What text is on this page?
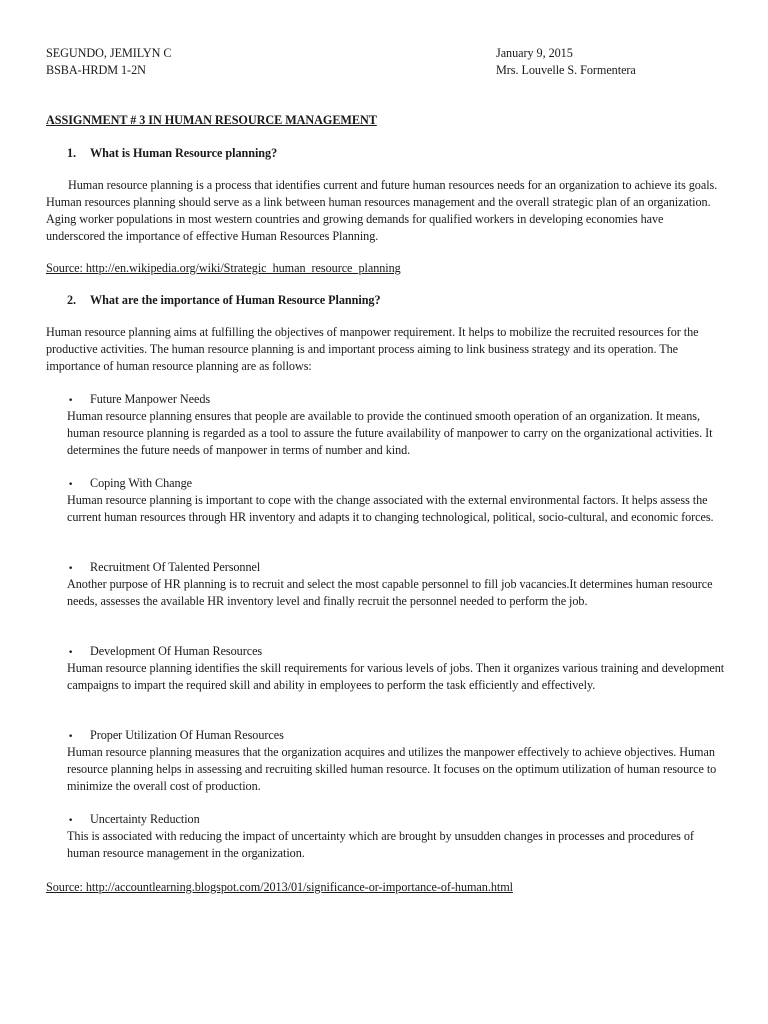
SEGUNDO, JEMILYN C
BSBA-HRDM 1-2N
January 9, 2015
Mrs. Louvelle S. Formentera
ASSIGNMENT # 3 IN HUMAN RESOURCE MANAGEMENT
1. What is Human Resource planning?
Human resource planning is a process that identifies current and future human resources needs for an organization to achieve its goals. Human resources planning should serve as a link between human resources management and the overall strategic plan of an organization. Aging worker populations in most western countries and growing demands for qualified workers in developing economies have underscored the importance of effective Human Resources Planning.
Source: http://en.wikipedia.org/wiki/Strategic_human_resource_planning
2. What are the importance of Human Resource Planning?
Human resource planning aims at fulfilling the objectives of manpower requirement. It helps to mobilize the recruited resources for the productive activities. The human resource planning is and important process aiming to link business strategy and its operation. The importance of human resource planning are as follows:
• Future Manpower Needs
Human resource planning ensures that people are available to provide the continued smooth operation of an organization. It means, human resource planning is regarded as a tool to assure the future availability of manpower to carry on the organizational activities. It determines the future needs of manpower in terms of number and kind.
• Coping With Change
Human resource planning is important to cope with the change associated with the external environmental factors. It helps assess the current human resources through HR inventory and adapts it to changing technological, political, socio-cultural, and economic forces.
• Recruitment Of Talented Personnel
Another purpose of HR planning is to recruit and select the most capable personnel to fill job vacancies.It determines human resource needs, assesses the available HR inventory level and finally recruit the personnel needed to perform the job.
• Development Of Human Resources
Human resource planning identifies the skill requirements for various levels of jobs. Then it organizes various training and development campaigns to impart the required skill and ability in employees to perform the task efficiently and effectively.
• Proper Utilization Of Human Resources
Human resource planning measures that the organization acquires and utilizes the manpower effectively to achieve objectives. Human resource planning helps in assessing and recruiting skilled human resource. It focuses on the optimum utilization of human resource to minimize the overall cost of production.
• Uncertainty Reduction
This is associated with reducing the impact of uncertainty which are brought by unsudden changes in processes and procedures of human resource management in the organization.
Source: http://accountlearning.blogspot.com/2013/01/significance-or-importance-of-human.html
